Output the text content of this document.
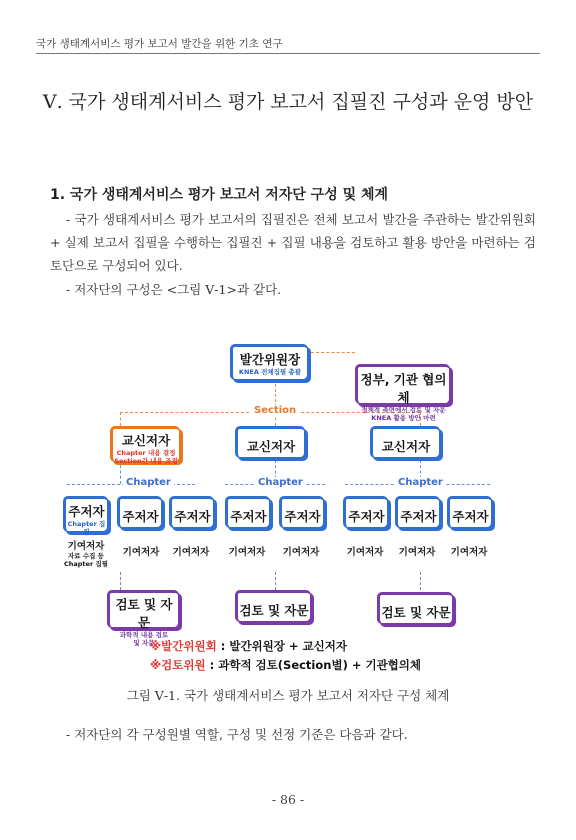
국가 생태계서비스 평가 보고서 발간을 위한 기초 연구
Ⅴ. 국가 생태계서비스 평가 보고서 집필진 구성과 운영 방안
1. 국가 생태계서비스 평가 보고서 저자단 구성 및 체계
- 국가 생태계서비스 평가 보고서의 집필진은 전체 보고서 발간을 주관하는 발간위원회 + 실제 보고서 집필을 수행하는 집필진 + 집필 내용을 검토하고 활용 방안을 마련하는 검토단으로 구성되어 있다.
- 저자단의 구성은 <그림 Ⅴ-1>과 같다.
Section
Chapter	Chapter	Chapter
발간위원장
KNEA 전체집필 총괄	정부, 기관 협의체
정책적 측면에서 검토 및 자문
KNEA 활용 방안 마련
교신저자
Chapter 내용 결정
Section간 내용 조정
교신저자	교신저자
주저자
Chapter 집필
주저자 주저자 주저자 주저자 주저자 주저자 주저자
기여저자
자료 수집 등
Chapter 집필
기여저자	기여저자	기여저자	기여저자	기여저자	기여저자	기여저자
검토 및 자문
과학적 내용 검토
및 자문
검토 및 자문	검토 및 자문
※발간위원회 : 발간위원장 + 교신저자
※검토위원 : 과학적 검토(Section별) + 기관협의체
그림 Ⅴ-1. 국가 생태계서비스 평가 보고서 저자단 구성 체계
- 저자단의 각 구성원별 역할, 구성 및 선정 기준은 다음과 같다.
- 86 -
